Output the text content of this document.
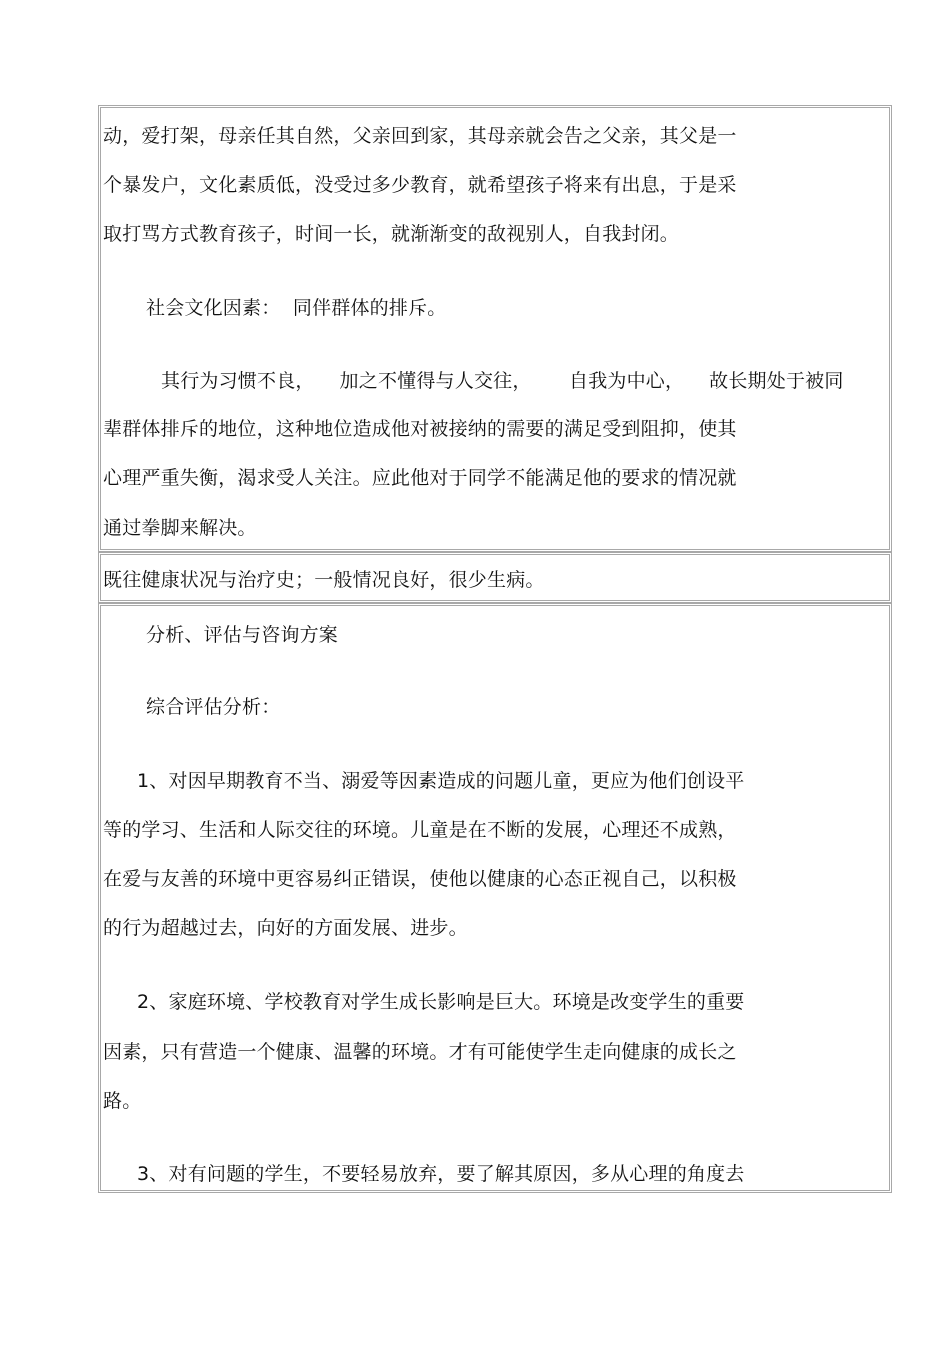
动，爱打架，母亲任其自然，父亲回到家，其母亲就会告之父亲，其父是一
个暴发户，文化素质低，没受过多少教育，就希望孩子将来有出息，于是采
取打骂方式教育孩子，时间一长，就渐渐变的敌视别人，自我封闭。
社会文化因素：  同伴群体的排斥。
其行为习惯不良，    加之不懂得与人交往，      自我为中心，    故长期处于被同
辈群体排斥的地位，这种地位造成他对被接纳的需要的满足受到阻抑，使其
心理严重失衡，渴求受人关注。应此他对于同学不能满足他的要求的情况就
通过拳脚来解决。
既往健康状况与治疗史；一般情况良好，很少生病。
分析、评估与咨询方案
综合评估分析：
1、对因早期教育不当、溺爱等因素造成的问题儿童，更应为他们创设平
等的学习、生活和人际交往的环境。儿童是在不断的发展，心理还不成熟，
在爱与友善的环境中更容易纠正错误，使他以健康的心态正视自己，以积极
的行为超越过去，向好的方面发展、进步。
2、家庭环境、学校教育对学生成长影响是巨大。环境是改变学生的重要
因素，只有营造一个健康、温馨的环境。才有可能使学生走向健康的成长之
路。
3、对有问题的学生，不要轻易放弃，要了解其原因，多从心理的角度去
